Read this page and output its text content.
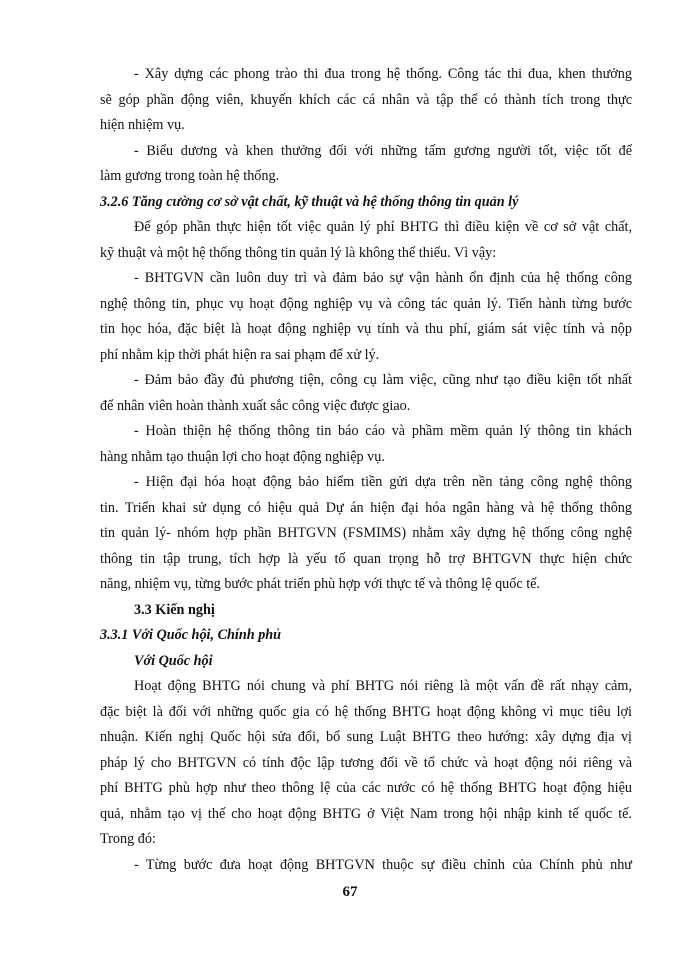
- Xây dựng các phong trào thi đua trong hệ thống. Công tác thi đua, khen thưởng
sẽ góp phần động viên, khuyến khích các cá nhân và tập thể có thành tích trong thực
hiện nhiệm vụ.
- Biểu dương và khen thưởng đối với những tấm gương người tốt, việc tốt để
làm gương trong toàn hệ thống.
3.2.6 Tăng cường cơ sở vật chất, kỹ thuật và hệ thống thông tin quản lý
Để góp phần thực hiện tốt việc quản lý phí BHTG thì điều kiện về cơ sở vật chất,
kỹ thuật và một hệ thống thông tin quản lý là không thể thiếu. Vì vậy:
- BHTGVN cần luôn duy trì và đảm bảo sự vận hành ổn định của hệ thống công
nghệ thông tin, phục vụ hoạt động nghiệp vụ và công tác quản lý. Tiến hành từng bước
tin học hóa, đặc biệt là hoạt động nghiệp vụ tính và thu phí, giám sát việc tính và nộp
phí nhằm kịp thời phát hiện ra sai phạm để xử lý.
- Đảm bảo đầy đủ phương tiện, công cụ làm việc, cũng như tạo điều kiện tốt nhất
để nhân viên hoàn thành xuất sắc công việc được giao.
- Hoàn thiện hệ thống thông tin báo cáo và phầm mềm quản lý thông tin khách
hàng nhằm tạo thuận lợi cho hoạt động nghiệp vụ.
- Hiện đại hóa hoạt động bảo hiểm tiền gửi dựa trên nền tảng công nghệ thông
tin. Triển khai sử dụng có hiệu quả Dự án hiện đại hóa ngân hàng và hệ thống thông
tin quản lý- nhóm hợp phần BHTGVN (FSMIMS) nhằm xây dựng hệ thống công nghệ
thông tin tập trung, tích hợp là yếu tố quan trọng hỗ trợ BHTGVN thực hiện chức
năng, nhiệm vụ, từng bước phát triển phù hợp với thực tế và thông lệ quốc tế.
3.3 Kiến nghị
3.3.1 Với Quốc hội, Chính phủ
Với Quốc hội
Hoạt động BHTG nói chung và phí BHTG nói riêng là một vấn đề rất nhạy cảm,
đặc biệt là đối với những quốc gia có hệ thống BHTG hoạt động không vì mục tiêu lợi
nhuận. Kiến nghị Quốc hội sửa đổi, bổ sung Luật BHTG theo hướng: xây dựng địa vị
pháp lý cho BHTGVN có tính độc lập tương đối về tổ chức và hoạt động nói riêng và
phí BHTG phù hợp như theo thông lệ của các nước có hệ thống BHTG hoạt động hiệu
quả, nhằm tạo vị thế cho hoạt động BHTG ở Việt Nam trong hội nhập kinh tế quốc tế.
Trong đó:
- Từng bước đưa hoạt động BHTGVN thuộc sự điều chỉnh của Chính phủ như
67
